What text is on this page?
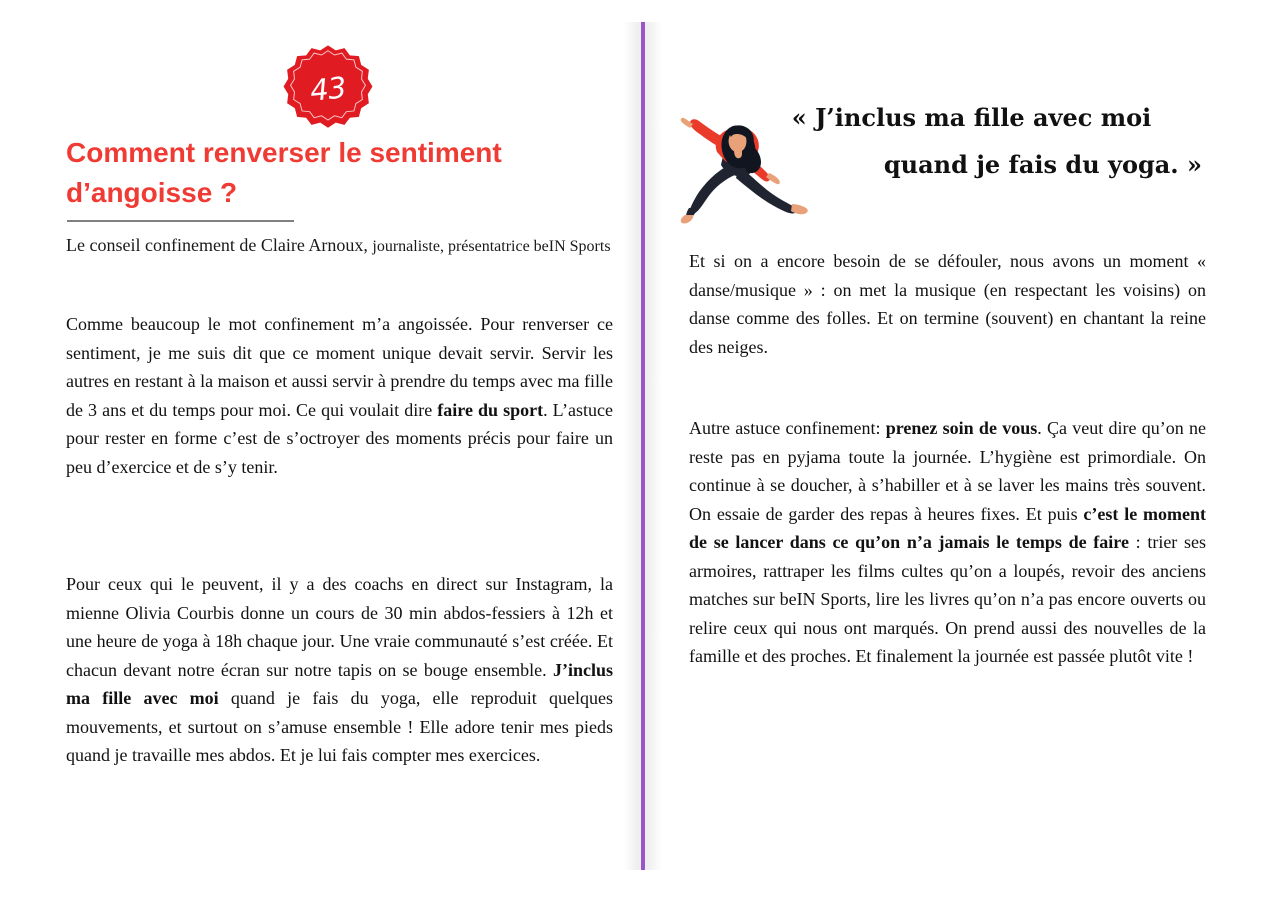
43
Comment renverser le sentiment
d’angoisse ?

Le conseil confinement de Claire Arnoux, journaliste, présentatrice beIN Sports

Comme beaucoup le mot confinement m’a angoissée. Pour renverser ce sentiment, je me suis dit que ce moment unique devait servir. Servir les autres en restant à la maison et aussi servir à prendre du temps avec ma fille de 3 ans et du temps pour moi. Ce qui voulait dire faire du sport. L’astuce pour rester en forme c’est de s’octroyer des moments précis pour faire un peu d’exercice et de s’y tenir.

Pour ceux qui le peuvent, il y a des coachs en direct sur Instagram, la mienne Olivia Courbis donne un cours de 30 min abdos-fessiers à 12h et une heure de yoga à 18h chaque jour. Une vraie communauté s’est créée. Et chacun devant notre écran sur notre tapis on se bouge ensemble. J’inclus ma fille avec moi quand je fais du yoga, elle reproduit quelques mouvements, et surtout on s’amuse ensemble ! Elle adore tenir mes pieds quand je travaille mes abdos. Et je lui fais compter mes exercices.

« J’inclus ma fille avec moi
quand je fais du yoga. »

Et si on a encore besoin de se défouler, nous avons un moment « danse/musique » : on met la musique (en respectant les voisins) on danse comme des folles. Et on termine (souvent) en chantant la reine des neiges.

Autre astuce confinement: prenez soin de vous. Ça veut dire qu’on ne reste pas en pyjama toute la journée. L’hygiène est primordiale. On continue à se doucher, à s’habiller et à se laver les mains très souvent. On essaie de garder des repas à heures fixes. Et puis c’est le moment de se lancer dans ce qu’on n’a jamais le temps de faire : trier ses armoires, rattraper les films cultes qu’on a loupés, revoir des anciens matches sur beIN Sports, lire les livres qu’on n’a pas encore ouverts ou relire ceux qui nous ont marqués. On prend aussi des nouvelles de la famille et des proches. Et finalement la journée est passée plutôt vite !
